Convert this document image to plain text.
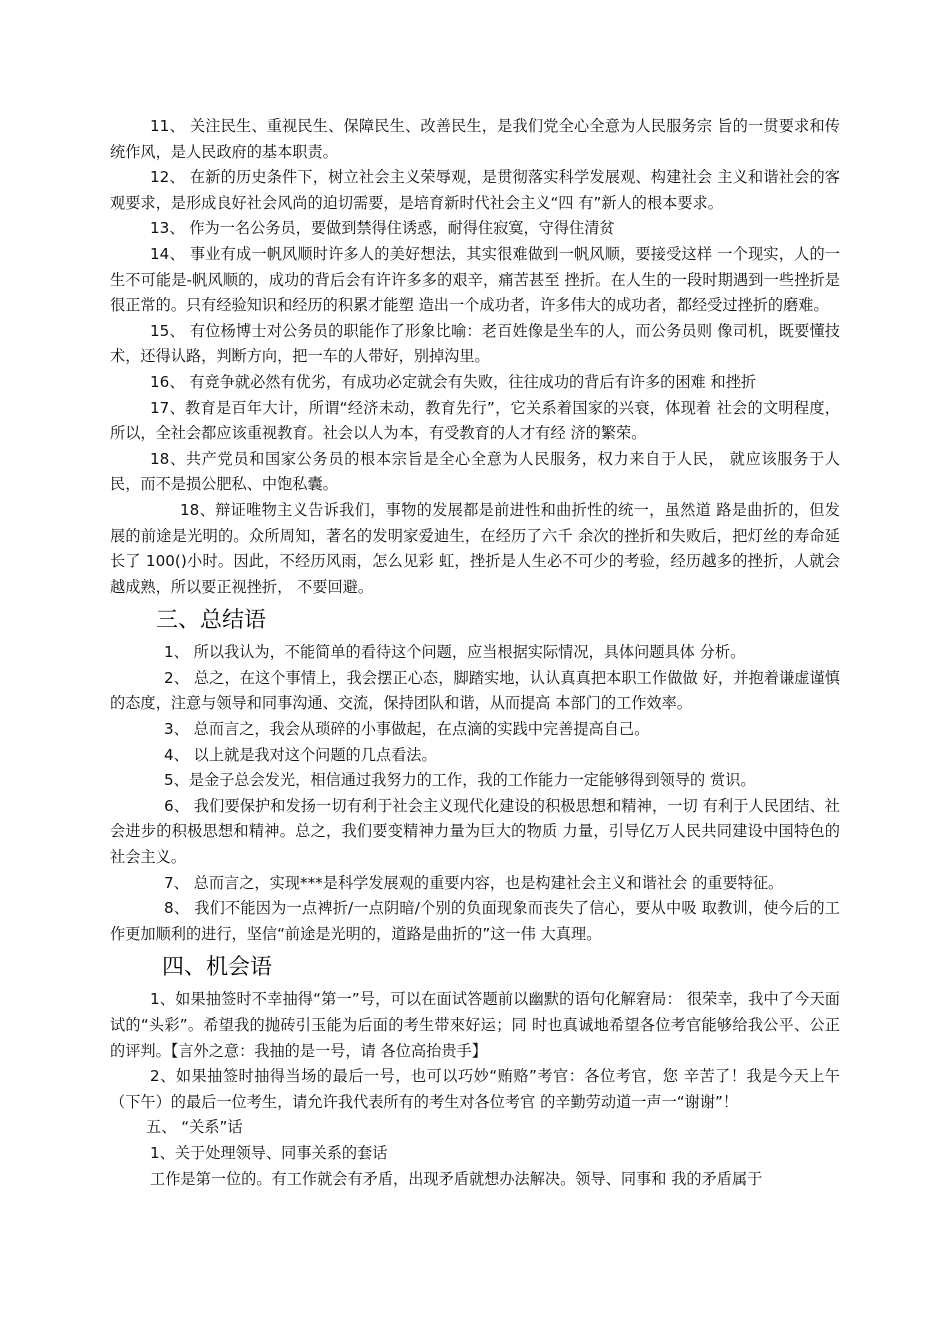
11、 关注民生、重视民生、保障民生、改善民生，是我们党全心全意为人民服务宗 旨的一贯要求和传统作风，是人民政府的基本职责。

12、 在新的历史条件下，树立社会主义荣辱观，是贯彻落实科学发展观、构建社会 主义和谐社会的客观要求，是形成良好社会风尚的迫切需要，是培育新时代社会主义“四 有”新人的根本要求。

13、 作为一名公务员，要做到禁得住诱惑，耐得住寂寞，守得住清贫

14、 事业有成一帆风顺时许多人的美好想法，其实很难做到一帆风顺，要接受这样 一个现实，人的一生不可能是-帆风顺的，成功的背后会有许许多多的艰辛，痛苦甚至 挫折。在人生的一段时期遇到一些挫折是很正常的。只有经验知识和经历的积累才能塑 造出一个成功者，许多伟大的成功者，都经受过挫折的磨难。

15、 有位杨博士对公务员的职能作了形象比喻：老百姓像是坐车的人，而公务员则 像司机，既要懂技术，还得认路，判断方向，把一车的人带好，别掉沟里。

16、 有竞争就必然有优劣，有成功必定就会有失败，往往成功的背后有许多的困难 和挫折

17、教育是百年大计，所谓“经济未动，教育先行”，它关系着国家的兴衰，体现着 社会的文明程度，所以，全社会都应该重视教育。社会以人为本，有受教育的人才有经 济的繁荣。

18、共产党员和国家公务员的根本宗旨是全心全意为人民服务，权力来自于人民， 就应该服务于人民，而不是损公肥私、中饱私囊。

18、辩证唯物主义告诉我们，事物的发展都是前进性和曲折性的统一，虽然道 路是曲折的，但发展的前途是光明的。众所周知，著名的发明家爱迪生，在经历了六千 余次的挫折和失败后，把灯丝的寿命延长了 100()小时。因此，不经历风雨，怎么见彩 虹，挫折是人生必不可少的考验，经历越多的挫折，人就会越成熟，所以要正视挫折， 不要回避。

三、总结语

1、 所以我认为，不能简单的看待这个问题，应当根据实际情况，具体问题具体 分析。

2、 总之，在这个事情上，我会摆正心态，脚踏实地，认认真真把本职工作做做 好，并抱着谦虚谨慎的态度，注意与领导和同事沟通、交流，保持团队和谐，从而提高 本部门的工作效率。

3、 总而言之，我会从琐碎的小事做起，在点滴的实践中完善提高自己。

4、 以上就是我对这个问题的几点看法。

5、是金子总会发光，相信通过我努力的工作，我的工作能力一定能够得到领导的 赏识。

6、 我们要保护和发扬一切有利于社会主义现代化建设的积极思想和精神，一切 有利于人民团结、社会进步的积极思想和精神。总之，我们要变精神力量为巨大的物质 力量，引导亿万人民共同建设中国特色的社会主义。

7、 总而言之，实现***是科学发展观的重要内容，也是构建社会主义和谐社会 的重要特征。

8、 我们不能因为一点裨折/一点阴暗/个别的负面现象而丧失了信心，要从中吸 取教训，使今后的工作更加顺利的进行，坚信“前途是光明的，道路是曲折的”这一伟 大真理。

四、机会语

1、如果抽签时不幸抽得“第一”号，可以在面试答题前以幽默的语句化解窘局： 很荣幸，我中了今天面试的“头彩”。希望我的抛砖引玉能为后面的考生带來好运；同 时也真诚地希望各位考官能够给我公平、公正的评判。【言外之意：我抽的是一号，请 各位高抬贵手】

2、如果抽签时抽得当场的最后一号，也可以巧妙“贿赂”考官：各位考官，您 辛苦了！我是今天上午（下午）的最后一位考生，请允许我代表所有的考生对各位考官 的辛勤劳动道一声一“谢谢”！

五、 “关系”话

1、关于处理领导、同事关系的套话

工作是第一位的。有工作就会有矛盾，出现矛盾就想办法解决。领导、同事和 我的矛盾属于
